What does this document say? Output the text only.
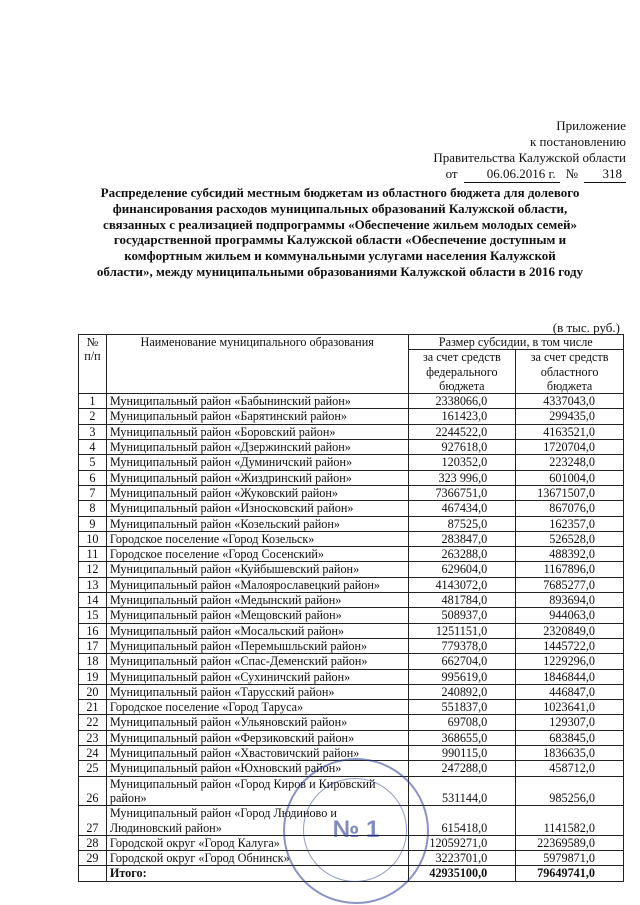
Приложение
к постановлению
Правительства Калужской области
от	06.06.2016 г. №	318
Распределение субсидий местным бюджетам из областного бюджета для долевого
финансирования расходов муниципальных образований Калужской области,
связанных с реализацией подпрограммы «Обеспечение жильем молодых семей»
государственной программы Калужской области «Обеспечение доступным и
комфортным жильем и коммунальными услугами населения Калужской
области», между муниципальными образованиями Калужской области в 2016 году
(в тыс. руб.)
№ п/п	Наименование муниципального образования	Размер субсидии, в том числе	
		за счет средств федерального бюджета	за счет средств областного бюджета
1	Муниципальный район «Бабынинский район»	2338066,0	4337043,0
2	Муниципальный район «Барятинский район»	161423,0	299435,0
3	Муниципальный район «Боровский район»	2244522,0	4163521,0
4	Муниципальный район «Дзержинский район»	927618,0	1720704,0
5	Муниципальный район «Думиничский район»	120352,0	223248,0
6	Муниципальный район «Жиздринский район»	323 996,0	601004,0
7	Муниципальный район «Жуковский район»	7366751,0	13671507,0
8	Муниципальный район «Износковский район»	467434,0	867076,0
9	Муниципальный район «Козельский район»	87525,0	162357,0
10	Городское поселение «Город Козельск»	283847,0	526528,0
11	Городское поселение «Город Сосенский»	263288,0	488392,0
12	Муниципальный район «Куйбышевский район»	629604,0	1167896,0
13	Муниципальный район «Малоярославецкий район»	4143072,0	7685277,0
14	Муниципальный район «Медынский район»	481784,0	893694,0
15	Муниципальный район «Мещовский район»	508937,0	944063,0
16	Муниципальный район «Мосальский район»	1251151,0	2320849,0
17	Муниципальный район «Перемышльский район»	779378,0	1445722,0
18	Муниципальный район «Спас-Деменский район»	662704,0	1229296,0
19	Муниципальный район «Сухиничский район»	995619,0	1846844,0
20	Муниципальный район «Тарусский район»	240892,0	446847,0
21	Городское поселение «Город Таруса»	551837,0	1023641,0
22	Муниципальный район «Ульяновский район»	69708,0	129307,0
23	Муниципальный район «Ферзиковский район»	368655,0	683845,0
24	Муниципальный район «Хвастовичский район»	990115,0	1836635,0
25	Муниципальный район «Юхновский район»	247288,0	458712,0
26	Муниципальный район «Город Киров и Кировский район»	531144,0	985256,0
27	Муниципальный район «Город Людиново и Людиновский район»	615418,0	1141582,0
28	Городской округ «Город Калуга»	12059271,0	22369589,0
29	Городской округ «Город Обнинск»	3223701,0	5979871,0
	Итого:	42935100,0	79649741,0
№ 1
